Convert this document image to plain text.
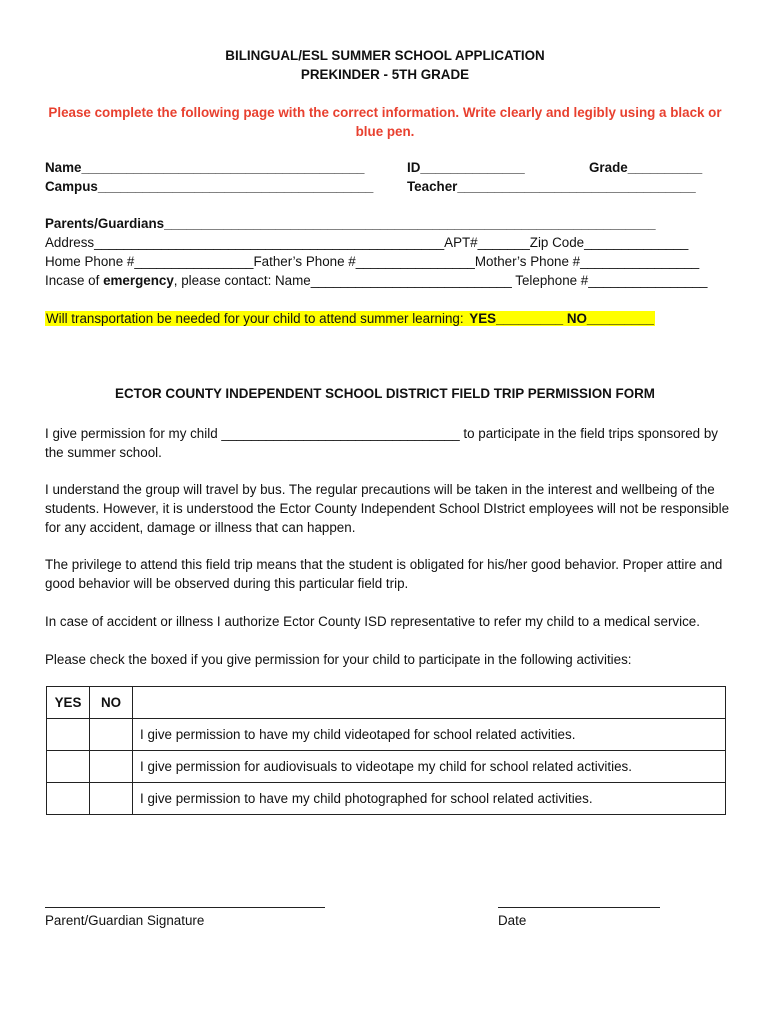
BILINGUAL/ESL SUMMER SCHOOL APPLICATION
PREKINDER - 5TH GRADE
Please complete the following page with the correct information. Write clearly and legibly using a black or blue pen.
Name______________________________________	ID______________	Grade__________
Campus_____________________________________	Teacher________________________________
Parents/Guardians__________________________________________________________________
Address_______________________________________________APT#_______Zip Code______________
Home Phone #________________Father’s Phone #________________Mother’s Phone #________________
Incase of emergency, please contact: Name___________________________ Telephone #________________
Will transportation be needed for your child to attend summer learning: YES_________ NO_________
ECTOR COUNTY INDEPENDENT SCHOOL DISTRICT FIELD TRIP PERMISSION FORM
I give permission for my child ________________________________ to participate in the field trips sponsored by the summer school.
I understand the group will travel by bus. The regular precautions will be taken in the interest and wellbeing of the students. However, it is understood the Ector County Independent School DIstrict employees will not be responsible for any accident, damage or illness that can happen.
The privilege to attend this field trip means that the student is obligated for his/her good behavior. Proper attire and good behavior will be observed during this particular field trip.
In case of accident or illness I authorize Ector County ISD representative to refer my child to a medical service.
Please check the boxed if you give permission for your child to participate in the following activities:
YES	NO	
		I give permission to have my child videotaped for school related activities.
		I give permission for audiovisuals to videotape my child for school related activities.
		I give permission to have my child photographed for school related activities.
Parent/Guardian Signature	Date
